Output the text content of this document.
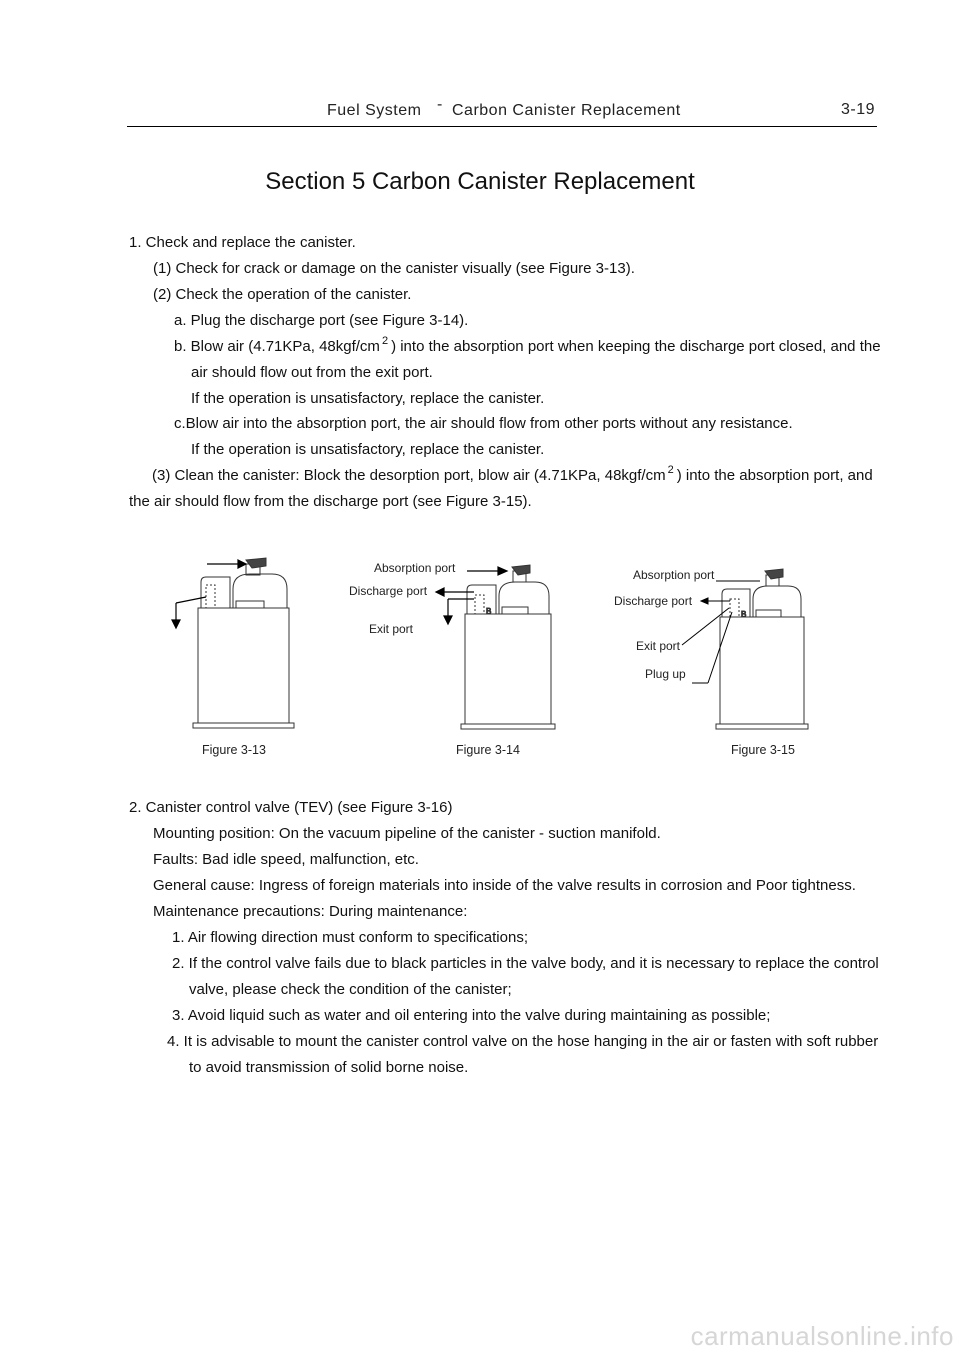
Fuel System - Carbon Canister Replacement	3-19
Section 5 Carbon Canister Replacement
1. Check and replace the canister.
(1) Check for crack or damage on the canister visually (see Figure 3-13).
(2) Check the operation of the canister.
a. Plug the discharge port (see Figure 3-14).
b. Blow air (4.71KPa, 48kgf/cm $^2$ ) into the absorption port when keeping the discharge port closed, and the
air should flow out from the exit port.
If the operation is unsatisfactory, replace the canister.
c.Blow air into the absorption port, the air should flow from other ports without any resistance.
If the operation is unsatisfactory, replace the canister.
(3) Clean the canister: Block the desorption port, blow air (4.71KPa, 48kgf/cm $^2$ ) into the absorption port, and
the air should flow from the discharge port (see Figure 3-15).
Figure 3-13
Absorption port
Discharge port
Exit port
B
Figure 3-14
Absorption port
Discharge port
Exit port
Plug up
B
Figure 3-15
2. Canister control valve (TEV) (see Figure 3-16)
Mounting position: On the vacuum pipeline of the canister - suction manifold.
Faults: Bad idle speed, malfunction, etc.
General cause: Ingress of foreign materials into inside of the valve results in corrosion and Poor tightness.
Maintenance precautions: During maintenance:
1. Air flowing direction must conform to specifications;
2. If the control valve fails due to black particles in the valve body, and it is necessary to replace the control
valve, please check the condition of the canister;
3. Avoid liquid such as water and oil entering into the valve during maintaining as possible;
4. It is advisable to mount the canister control valve on the hose hanging in the air or fasten with soft rubber
to avoid transmission of solid borne noise.
carmanualsonline.info
